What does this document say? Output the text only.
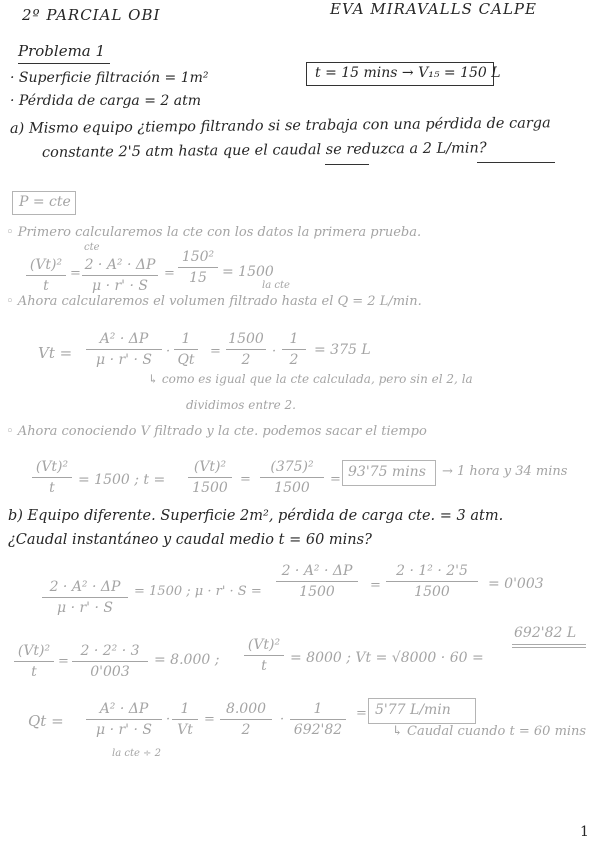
2º PARCIAL OBI	EVA MIRAVALLS CALPE
Problema 1
· Superficie filtración = 1m²
· Pérdida de carga = 2 atm
t = 15 mins → V₁₅ = 150 L
a) Mismo equipo ¿tiempo filtrando si se trabaja con una pérdida de carga
constante 2'5 atm hasta que el caudal se reduzca a 2 L/min?
P = cte
◦ Primero calcularemos la cte con los datos la primera prueba.
cte
(Vt)²
t
=
2 · A² · ΔP
μ · r' · S
=
150²
15	= 1500
la cte
◦ Ahora calcularemos el volumen filtrado hasta el Q = 2 L/min.
Vt =
A² · ΔP
μ · r' · S
·
1
Qt
=
1500
2
·
1
2
= 375 L
↳ como es igual que la cte calculada, pero sin el 2, la
dividimos entre 2.
◦ Ahora conociendo V filtrado y la cte. podemos sacar el tiempo
(Vt)²
t	= 1500 ; t =
(Vt)²
1500
=
(375)²
1500
= 93'75 mins → 1 hora y 34 mins
b) Equipo diferente. Superficie 2m², pérdida de carga cte. = 3 atm.
¿Caudal instantáneo y caudal medio t = 60 mins?
2 · A² · ΔP
μ · r' · S
= 1500 ; μ · r' · S =
2 · A² · ΔP
1500	=
2 · 1² · 2'5
1500	= 0'003
(Vt)²
t
=
2 · 2² · 3
0'003
= 8.000 ;
(Vt)²
t	= 8000 ; Vt = √8000 · 60 =
692'82 L
Qt =
A² · ΔP
μ · r' · S
·
1
Vt
=
8.000
2
·
1
692'82
= 5'77 L/min
la cte ÷ 2
↳ Caudal cuando t = 60 mins
1
